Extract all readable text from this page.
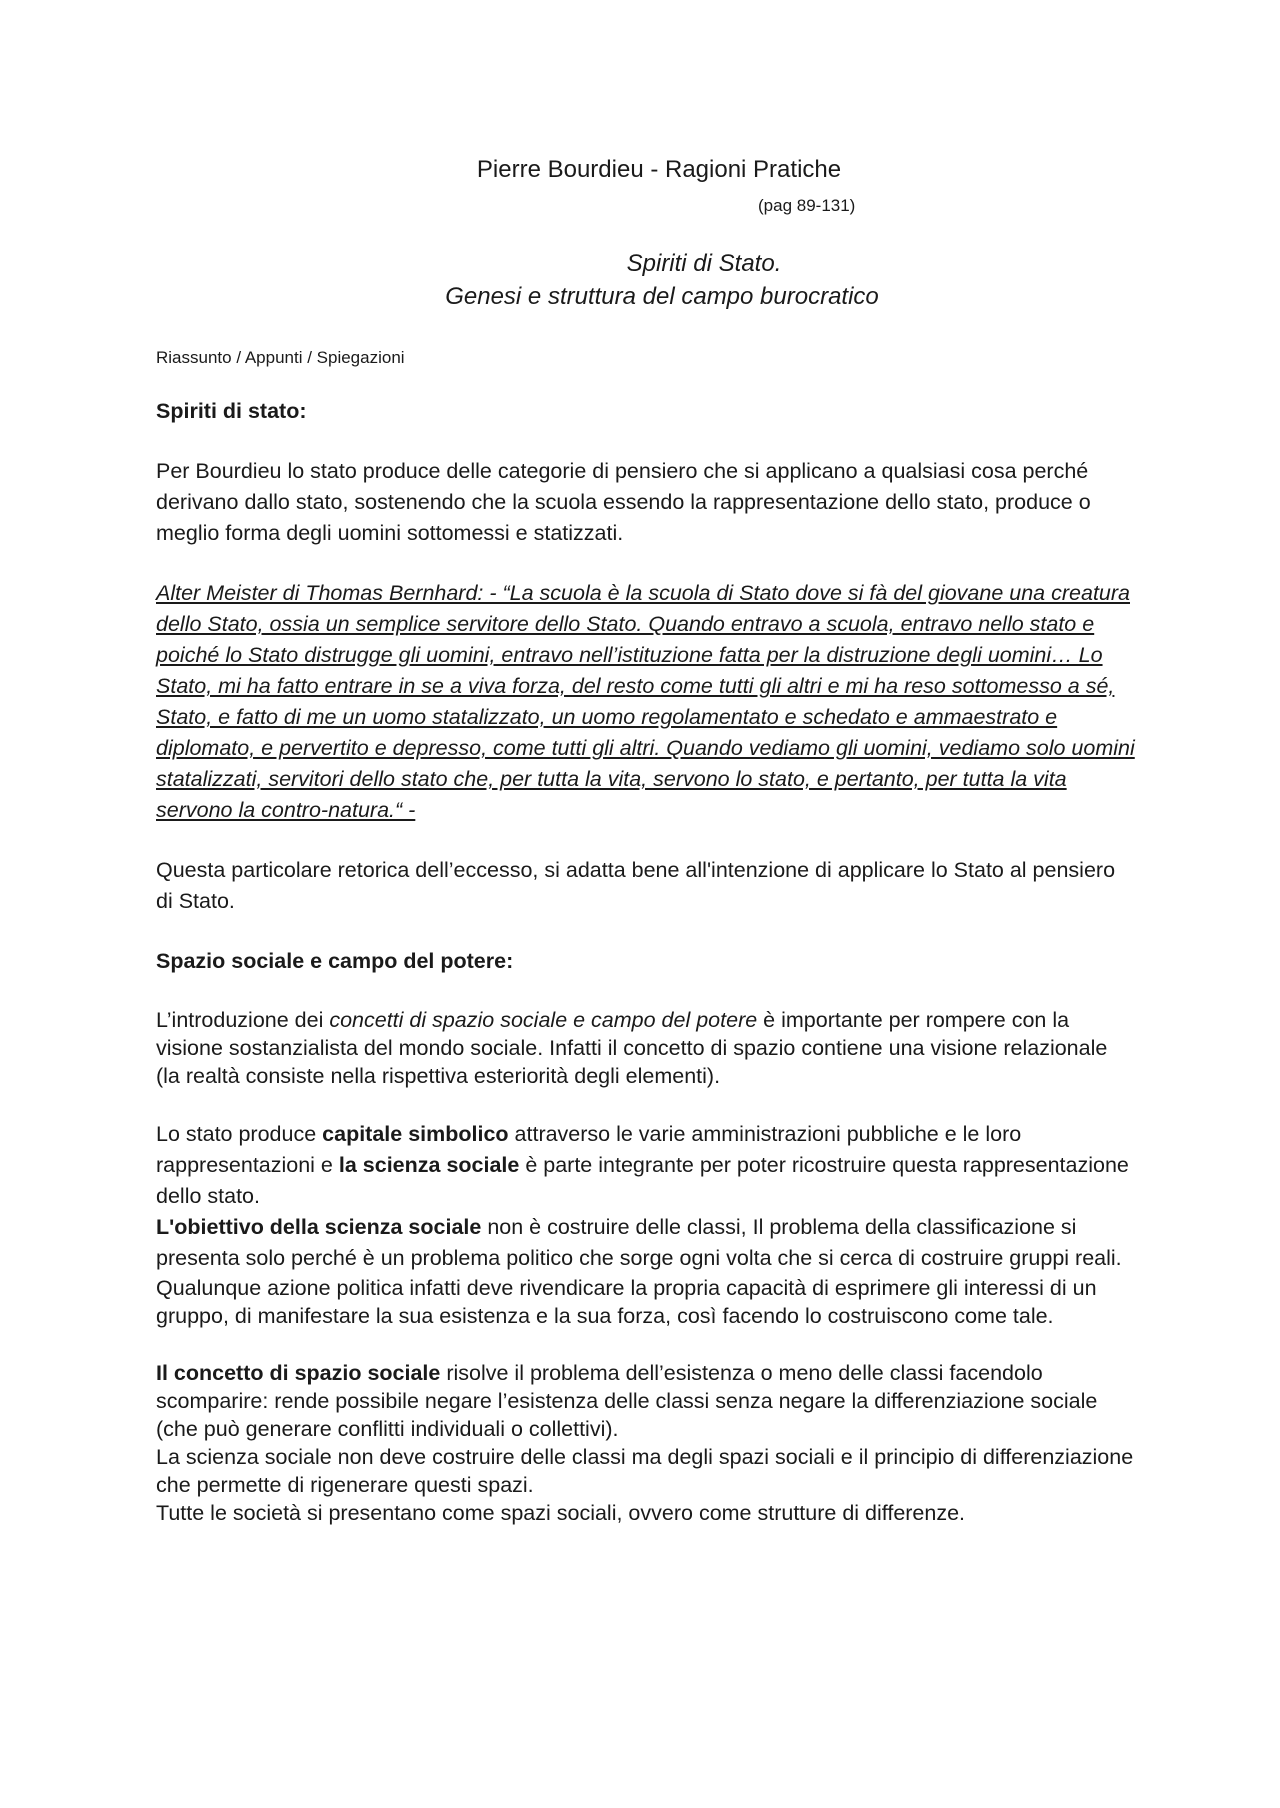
Pierre Bourdieu - Ragioni Pratiche
(pag 89-131)
Spiriti di Stato.
Genesi e struttura del campo burocratico
Riassunto / Appunti / Spiegazioni
Spiriti di stato:

Per Bourdieu lo stato produce delle categorie di pensiero che si applicano a qualsiasi cosa perché derivano dallo stato, sostenendo che la scuola essendo la rappresentazione dello stato, produce o meglio forma degli uomini sottomessi e statizzati.

Alter Meister di Thomas Bernhard: - “La scuola è la scuola di Stato dove si fà del giovane una creatura dello Stato, ossia un semplice servitore dello Stato. Quando entravo a scuola, entravo nello stato e poiché lo Stato distrugge gli uomini, entravo nell’istituzione fatta per la distruzione degli uomini… Lo Stato, mi ha fatto entrare in se a viva forza, del resto come tutti gli altri e mi ha reso sottomesso a sé, Stato, e fatto di me un uomo statalizzato, un uomo regolamentato e schedato e ammaestrato e diplomato, e pervertito e depresso, come tutti gli altri. Quando vediamo gli uomini, vediamo solo uomini statalizzati, servitori dello stato che, per tutta la vita, servono lo stato, e pertanto, per tutta la vita servono la contro-natura.“ -

Questa particolare retorica dell’eccesso, si adatta bene all'intenzione di applicare lo Stato al pensiero di Stato.

Spazio sociale e campo del potere:

L’introduzione dei concetti di spazio sociale e campo del potere è importante per rompere con la visione sostanzialista del mondo sociale. Infatti il concetto di spazio contiene una visione relazionale (la realtà consiste nella rispettiva esteriorità degli elementi).

Lo stato produce capitale simbolico attraverso le varie amministrazioni pubbliche e le loro rappresentazioni e la scienza sociale è parte integrante per poter ricostruire questa rappresentazione dello stato.

L'obiettivo della scienza sociale non è costruire delle classi, Il problema della classificazione si presenta solo perché è un problema politico che sorge ogni volta che si cerca di costruire gruppi reali.

Qualunque azione politica infatti deve rivendicare la propria capacità di esprimere gli interessi di un gruppo, di manifestare la sua esistenza e la sua forza, così facendo lo costruiscono come tale.

Il concetto di spazio sociale risolve il problema dell’esistenza o meno delle classi facendolo scomparire: rende possibile negare l’esistenza delle classi senza negare la differenziazione sociale (che può generare conflitti individuali o collettivi).

La scienza sociale non deve costruire delle classi ma degli spazi sociali e il principio di differenziazione che permette di rigenerare questi spazi.

Tutte le società si presentano come spazi sociali, ovvero come strutture di differenze.
